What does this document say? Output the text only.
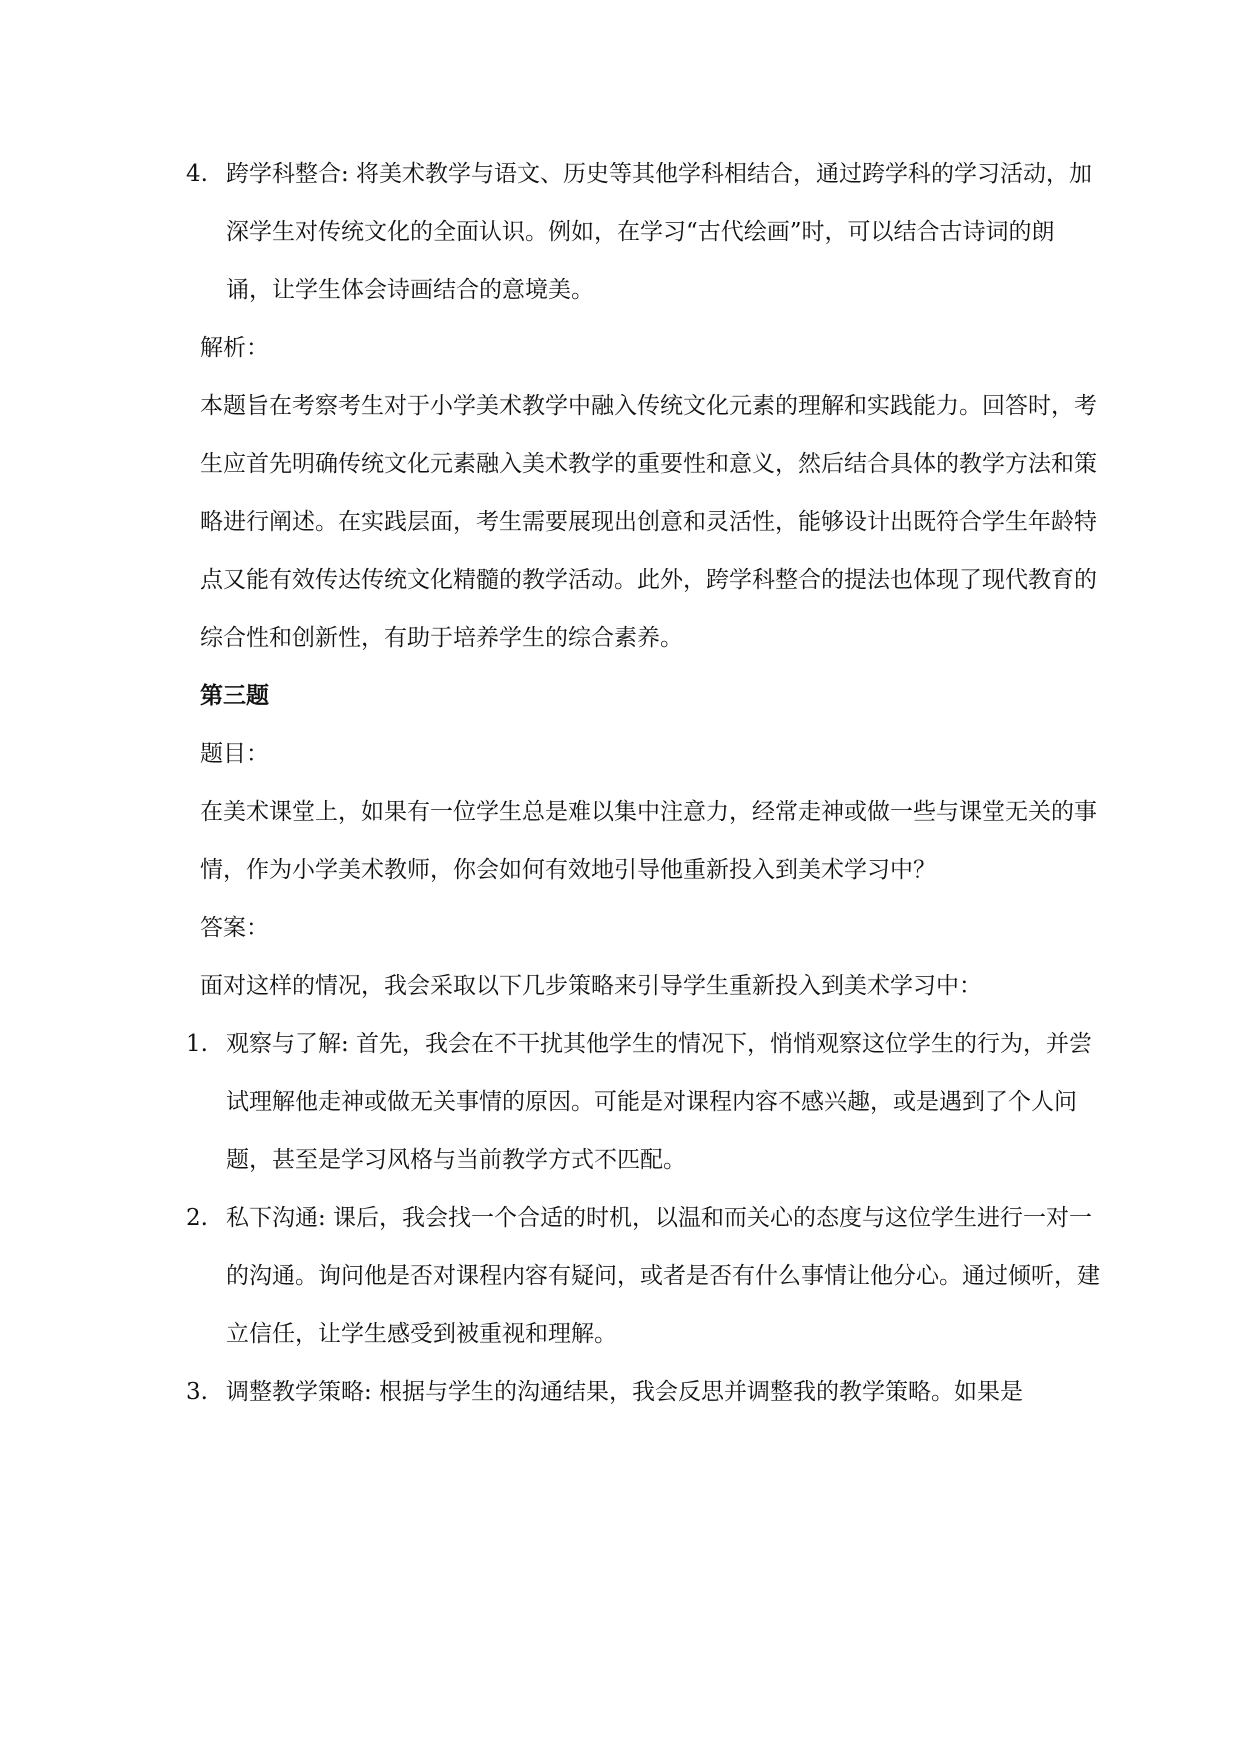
4. 跨学科整合: 将美术教学与语文、历史等其他学科相结合，通过跨学科的学习活动，加深学生对传统文化的全面认识。例如，在学习“古代绘画”时，可以结合古诗词的朗诵，让学生体会诗画结合的意境美。

解析：

本题旨在考察考生对于小学美术教学中融入传统文化元素的理解和实践能力。回答时，考生应首先明确传统文化元素融入美术教学的重要性和意义，然后结合具体的教学方法和策略进行阐述。在实践层面，考生需要展现出创意和灵活性，能够设计出既符合学生年龄特点又能有效传达传统文化精髓的教学活动。此外，跨学科整合的提法也体现了现代教育的综合性和创新性，有助于培养学生的综合素养。

第三题

题目：

在美术课堂上，如果有一位学生总是难以集中注意力，经常走神或做一些与课堂无关的事情，作为小学美术教师，你会如何有效地引导他重新投入到美术学习中？

答案：

面对这样的情况，我会采取以下几步策略来引导学生重新投入到美术学习中：

1. 观察与了解: 首先，我会在不干扰其他学生的情况下，悄悄观察这位学生的行为，并尝试理解他走神或做无关事情的原因。可能是对课程内容不感兴趣，或是遇到了个人问题，甚至是学习风格与当前教学方式不匹配。

2. 私下沟通: 课后，我会找一个合适的时机，以温和而关心的态度与这位学生进行一对一的沟通。询问他是否对课程内容有疑问，或者是否有什么事情让他分心。通过倾听，建立信任，让学生感受到被重视和理解。

3. 调整教学策略: 根据与学生的沟通结果，我会反思并调整我的教学策略。如果是
